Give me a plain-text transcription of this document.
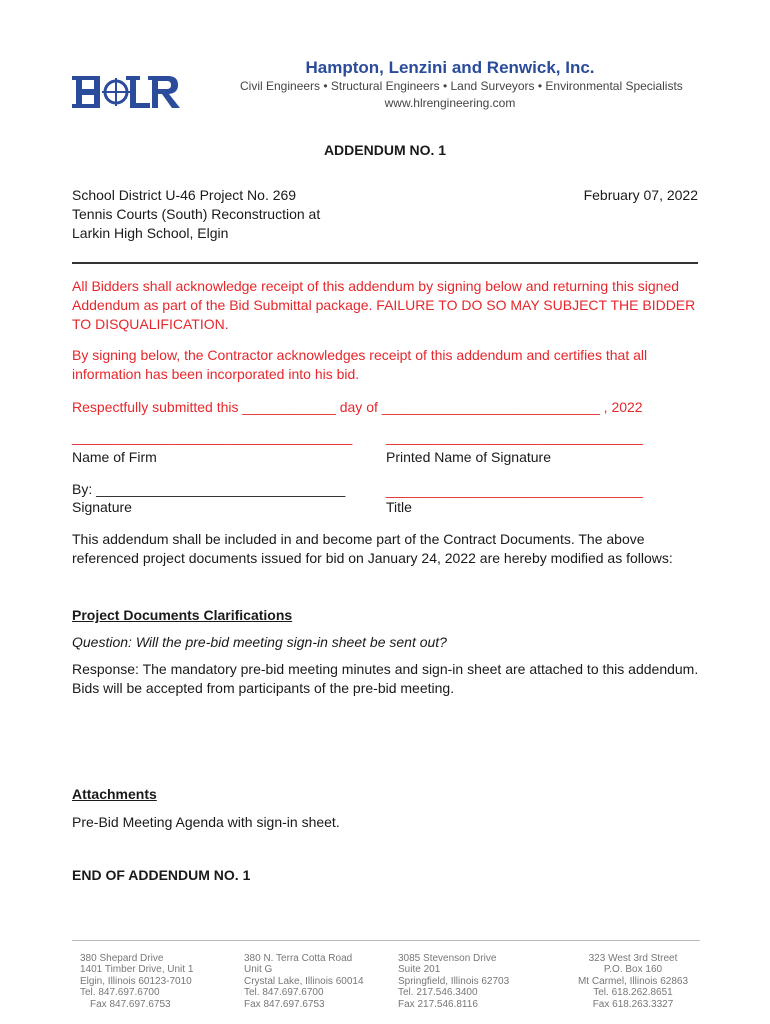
Hampton, Lenzini and Renwick, Inc.
Civil Engineers • Structural Engineers • Land Surveyors • Environmental Specialists
www.hlrengineering.com
ADDENDUM NO. 1
School District U-46 Project No. 269
Tennis Courts (South) Reconstruction at
Larkin High School, Elgin
February 07, 2022
All Bidders shall acknowledge receipt of this addendum by signing below and returning this signed
Addendum as part of the Bid Submittal package. FAILURE TO DO SO MAY SUBJECT THE BIDDER
TO DISQUALIFICATION.
By signing below, the Contractor acknowledges receipt of this addendum and certifies that all
information has been incorporated into his bid.
Respectfully submitted this ____________ day of ____________________________ , 2022
____________________________________	_________________________________
Name of Firm	Printed Name of Signature
By: ________________________________	_________________________________
Signature	Title
This addendum shall be included in and become part of the Contract Documents. The above
referenced project documents issued for bid on January 24, 2022 are hereby modified as follows:
Project Documents Clarifications
Question: Will the pre-bid meeting sign-in sheet be sent out?
Response: The mandatory pre-bid meeting minutes and sign-in sheet are attached to this addendum.
Bids will be accepted from participants of the pre-bid meeting.
Attachments
Pre-Bid Meeting Agenda with sign-in sheet.
END OF ADDENDUM NO. 1
380 Shepard Drive
1401 Timber Drive, Unit 1
Elgin, Illinois 60123-7010
Tel. 847.697.6700
Fax 847.697.6753
380 N. Terra Cotta Road
Unit G
Crystal Lake, Illinois 60014
Tel. 847.697.6700
Fax 847.697.6753
3085 Stevenson Drive
Suite 201
Springfield, Illinois 62703
Tel. 217.546.3400
Fax 217.546.8116
323 West 3rd Street
P.O. Box 160
Mt Carmel, Illinois 62863
Tel. 618.262.8651
Fax 618.263.3327
